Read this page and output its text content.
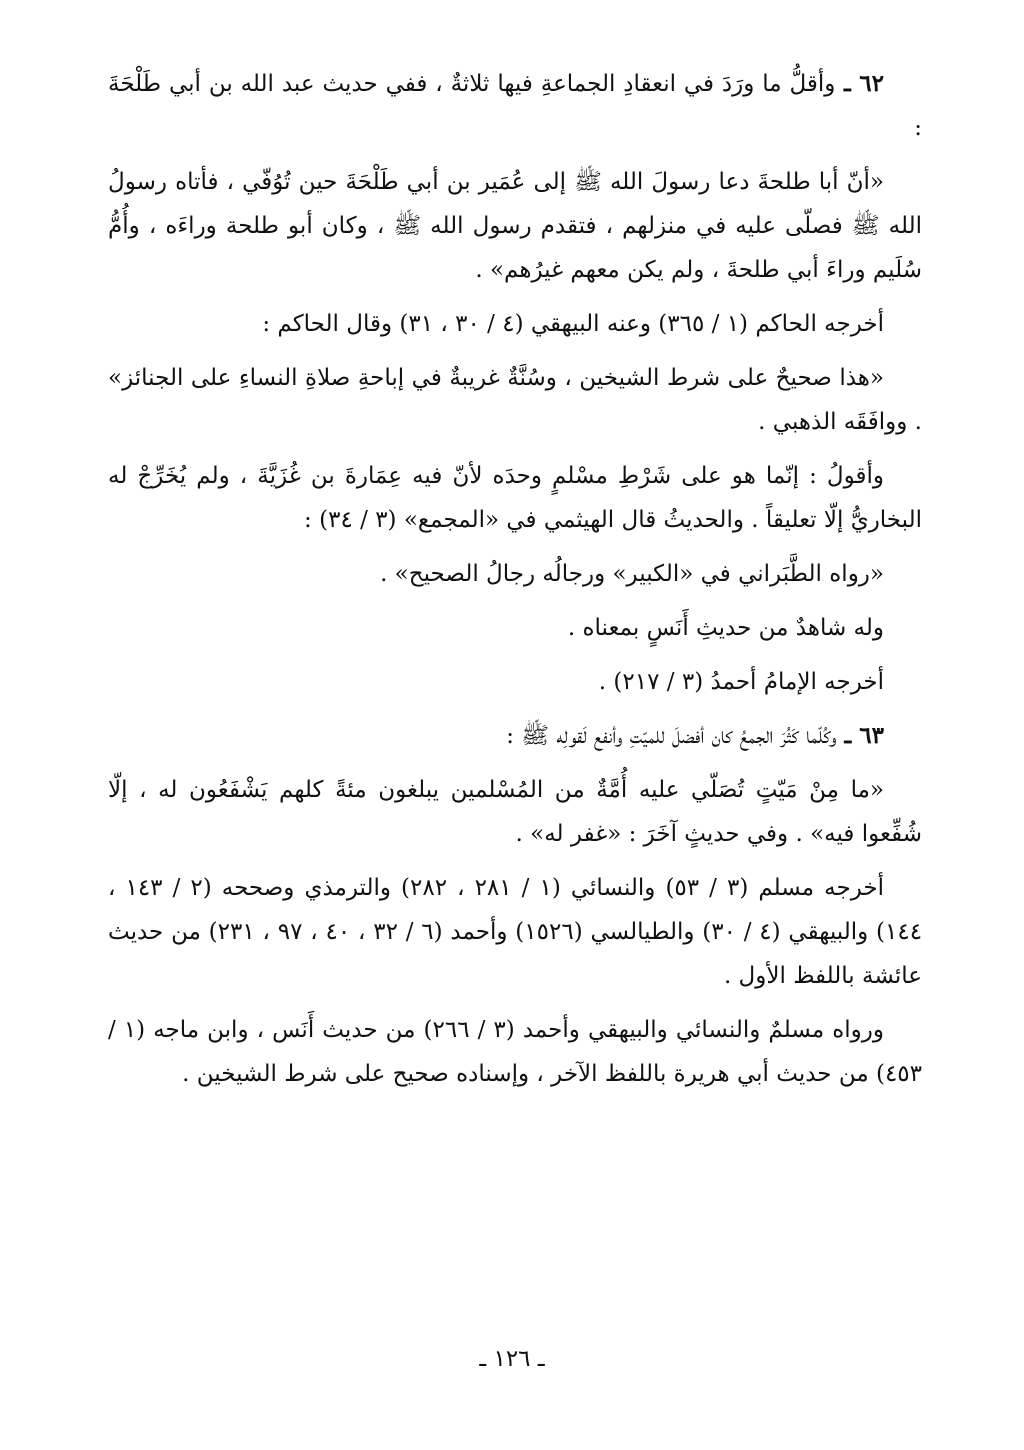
٦٢ ـ وأقلُّ ما ورَدَ في انعقادِ الجماعةِ فيها ثلاثةٌ ، ففي حديث عبد الله بن أبي طَلْحَةَ :

«أنّ أبا طلحةَ دعا رسولَ الله ﷺ إلى عُمَير بن أبي طَلْحَةَ حين تُوُفّي ، فأتاه رسولُ الله ﷺ فصلّى عليه في منزلهم ، فتقدم رسول الله ﷺ ، وكان أبو طلحة وراءَه ، وأُمُّ سُلَيم وراءَ أبي طلحةَ ، ولم يكن معهم غيرُهم» .

أخرجه الحاكم (١ / ٣٦٥) وعنه البيهقي (٤ / ٣٠ ، ٣١) وقال الحاكم :

«هذا صحيحٌ على شرط الشيخين ، وسُنَّةٌ غريبةٌ في إباحةِ صلاةِ النساءِ على الجنائز» . ووافَقَه الذهبي .

وأقولُ : إنّما هو على شَرْطِ مسْلمٍ وحدَه لأنّ فيه عِمَارةَ بن غُزَيَّةَ ، ولم يُخَرِّجْ له البخاريُّ إلّا تعليقاً . والحديثُ قال الهيثمي في «المجمع» (٣ / ٣٤) :

«رواه الطَّبَراني في «الكبير» ورجالُه رجالُ الصحيح» .

وله شاهدٌ من حديثِ أَنَسٍ بمعناه .

أخرجه الإمامُ أحمدُ (٣ / ٢١٧) .

٦٣ ـ وكُلّما كَثُرَ الجمعُ كان أفضلَ للميّتِ وأنفع لَقولِه ﷺ :

«ما مِنْ مَيّتٍ تُصَلّي عليه أُمَّةٌ من المُسْلمين يبلغون مئةً كلهم يَشْفَعُون له ، إلّا شُفِّعوا فيه» . وفي حديثٍ آخَرَ : «غفر له» .

أخرجه مسلم (٣ / ٥٣) والنسائي (١ / ٢٨١ ، ٢٨٢) والترمذي وصححه (٢ / ١٤٣ ، ١٤٤) والبيهقي (٤ / ٣٠) والطيالسي (١٥٢٦) وأحمد (٦ / ٣٢ ، ٤٠ ، ٩٧ ، ٢٣١) من حديث عائشة باللفظ الأول .

ورواه مسلمٌ والنسائي والبيهقي وأحمد (٣ / ٢٦٦) من حديث أَنَس ، وابن ماجه (١ / ٤٥٣) من حديث أبي هريرة باللفظ الآخر ، وإسناده صحيح على شرط الشيخين .

ـ ١٢٦ ـ
